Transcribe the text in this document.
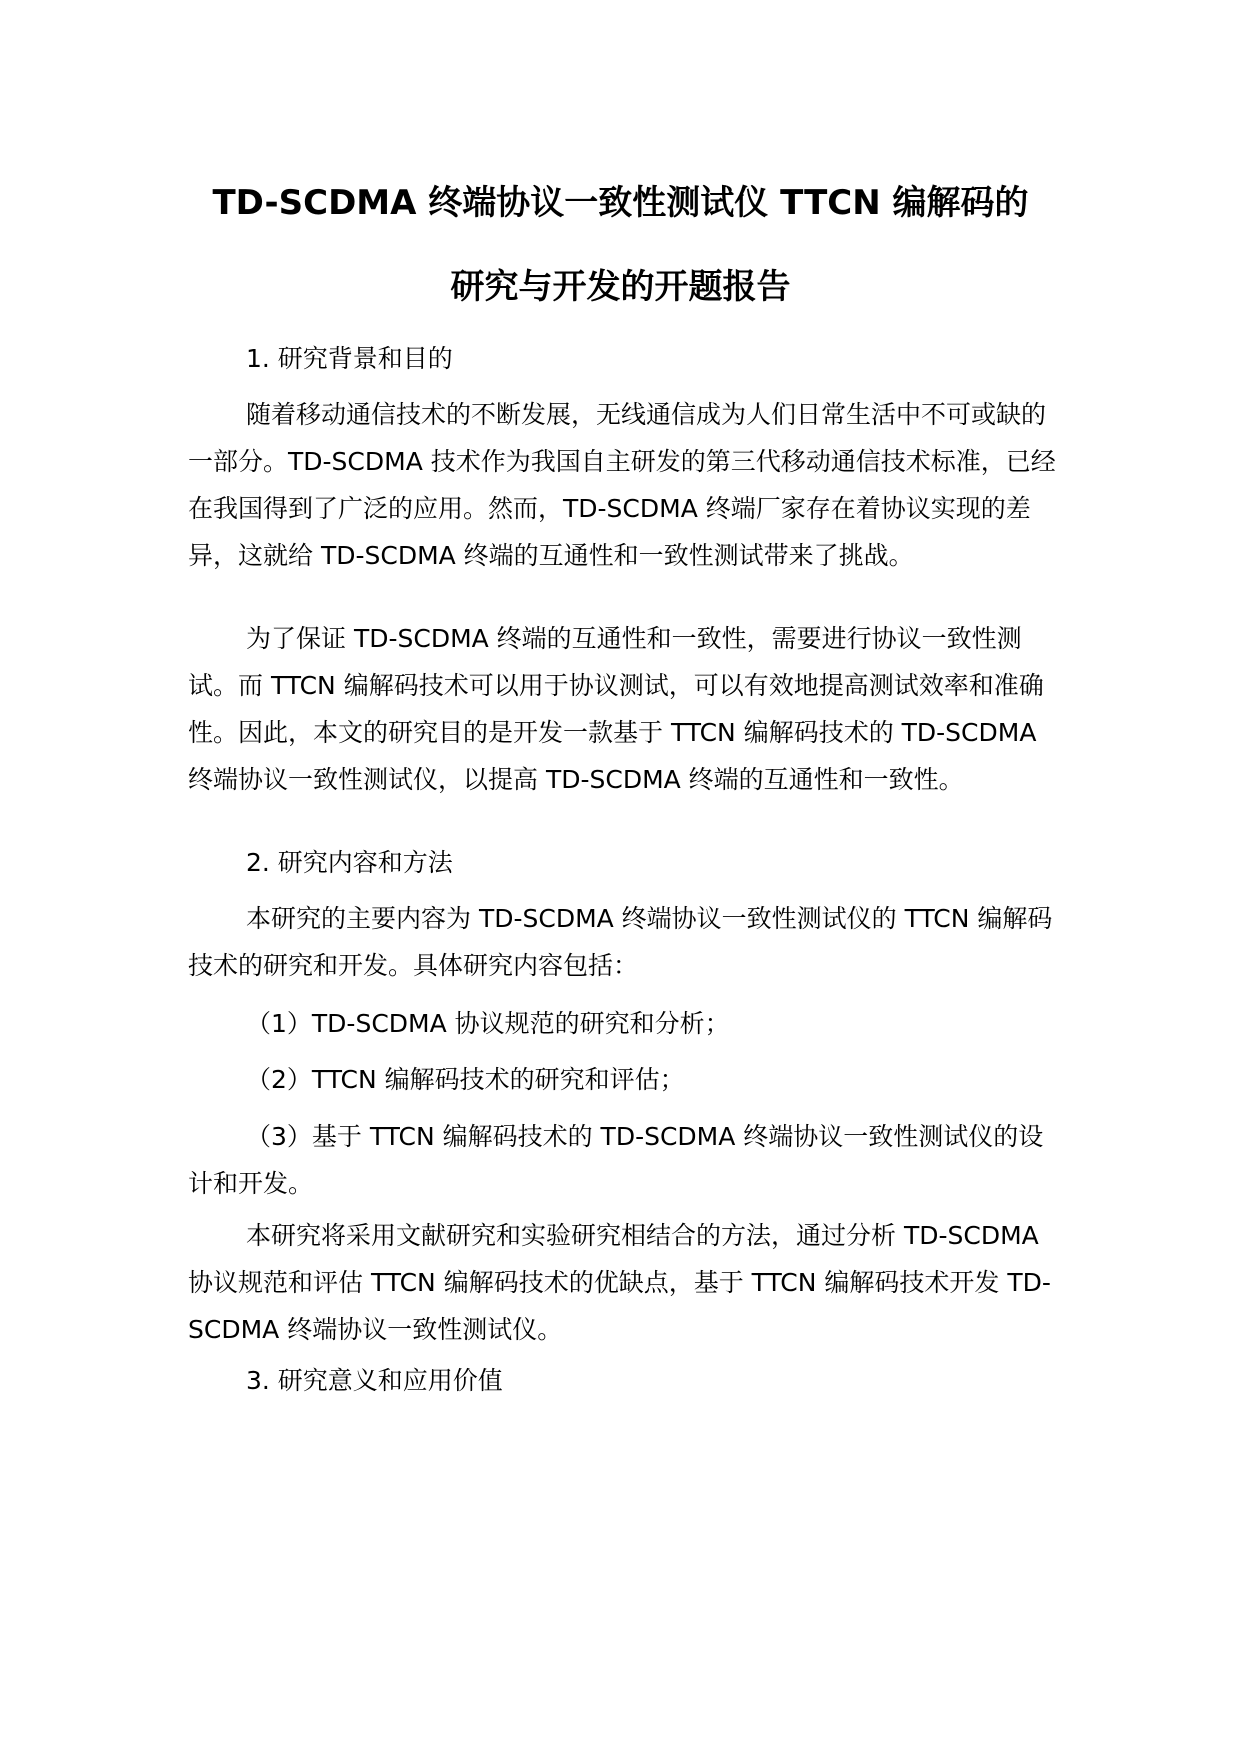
TD-SCDMA 终端协议一致性测试仪 TTCN 编解码的
研究与开发的开题报告
1. 研究背景和目的

随着移动通信技术的不断发展，无线通信成为人们日常生活中不可或缺的一部分。TD-SCDMA 技术作为我国自主研发的第三代移动通信技术标准，已经在我国得到了广泛的应用。然而，TD-SCDMA 终端厂家存在着协议实现的差异，这就给 TD-SCDMA 终端的互通性和一致性测试带来了挑战。

为了保证 TD-SCDMA 终端的互通性和一致性，需要进行协议一致性测试。而 TTCN 编解码技术可以用于协议测试，可以有效地提高测试效率和准确性。因此，本文的研究目的是开发一款基于 TTCN 编解码技术的 TD-SCDMA 终端协议一致性测试仪，以提高 TD-SCDMA 终端的互通性和一致性。

2. 研究内容和方法

本研究的主要内容为 TD-SCDMA 终端协议一致性测试仪的 TTCN 编解码技术的研究和开发。具体研究内容包括：

（1）TD-SCDMA 协议规范的研究和分析；

（2）TTCN 编解码技术的研究和评估；

（3）基于 TTCN 编解码技术的 TD-SCDMA 终端协议一致性测试仪的设计和开发。

本研究将采用文献研究和实验研究相结合的方法，通过分析 TD-SCDMA 协议规范和评估 TTCN 编解码技术的优缺点，基于 TTCN 编解码技术开发 TD-SCDMA 终端协议一致性测试仪。

3. 研究意义和应用价值
